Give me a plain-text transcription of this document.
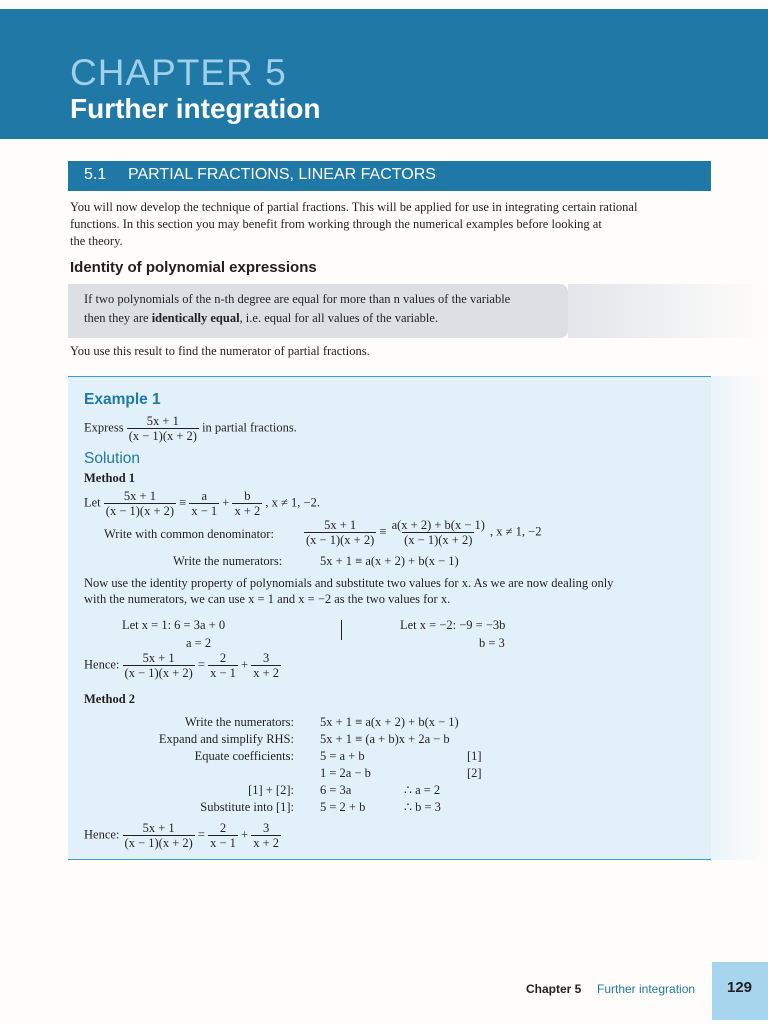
CHAPTER 5
Further integration
5.1 PARTIAL FRACTIONS, LINEAR FACTORS
You will now develop the technique of partial fractions. This will be applied for use in integrating certain rational
functions. In this section you may benefit from working through the numerical examples before looking at
the theory.
Identity of polynomial expressions
If two polynomials of the n-th degree are equal for more than n values of the variable
then they are identically equal, i.e. equal for all values of the variable.
You use this result to find the numerator of partial fractions.
Example 1
Express $\frac{5x + 1}{(x - 1)(x + 2)}$ in partial fractions.
Solution
Method 1
Let $\frac{5x + 1}{(x - 1)(x + 2)} \equiv \frac{a}{x - 1} + \frac{b}{x + 2}$ , x ≠ 1, −2.
Write with common denominator: $\frac{5x + 1}{(x - 1)(x + 2)} \equiv \frac{a(x + 2) + b(x - 1)}{(x - 1)(x + 2)}$ , x ≠ 1, −2
Write the numerators:	5x + 1 ≡ a(x + 2) + b(x − 1)
Now use the identity property of polynomials and substitute two values for x. As we are now dealing only
with the numerators, we can use x = 1 and x = −2 as the two values for x.
Let x = 1: 6 = 3a + 0
a = 2
Let x = −2: −9 = −3b
b = 3
Hence: $\frac{5x + 1}{(x - 1)(x + 2)} = \frac{2}{x - 1} + \frac{3}{x + 2}$
Method 2
Write the numerators: 5x + 1 ≡ a(x + 2) + b(x − 1)
Expand and simplify RHS: 5x + 1 ≡ (a + b)x + 2a − b
Equate coefficients: 5 = a + b	[1]
1 = 2a − b	[2]
[1] + [2]: 6 = 3a	∴ a = 2
Substitute into [1]: 5 = 2 + b	∴ b = 3
Hence: $\frac{5x + 1}{(x - 1)(x + 2)} = \frac{2}{x - 1} + \frac{3}{x + 2}$
Chapter 5 Further integration 129
